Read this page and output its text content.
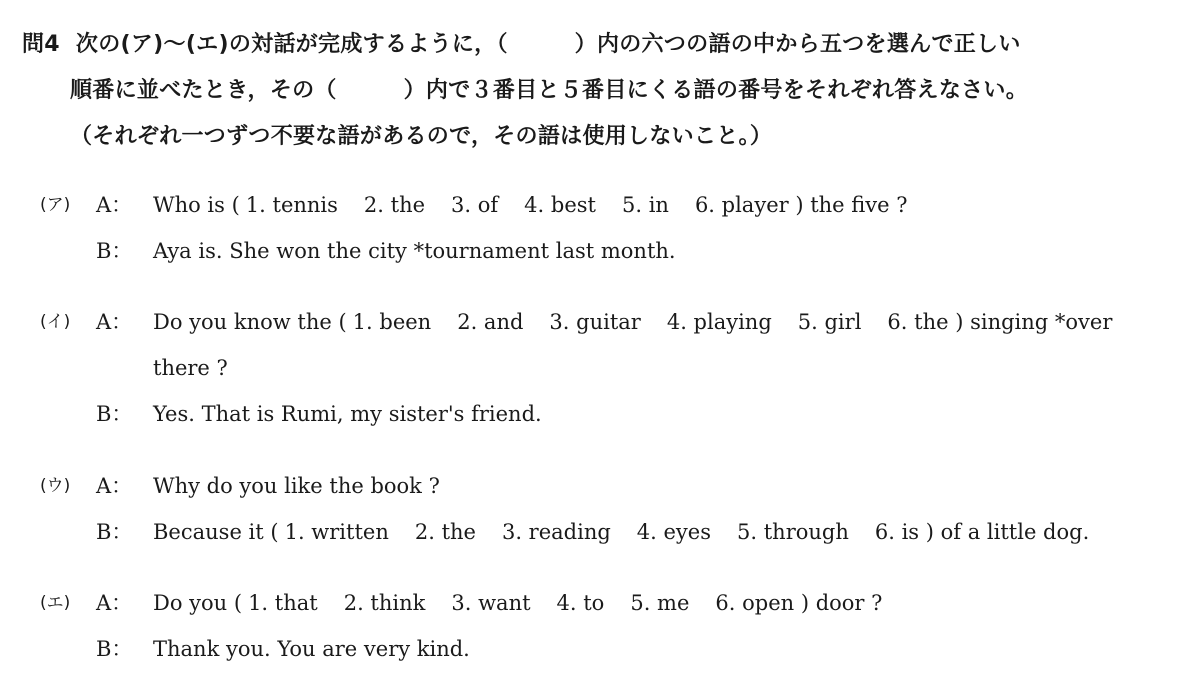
問4 次の(ア)〜(エ)の対話が完成するように，（　　　）内の六つの語の中から五つを選んで正しい
順番に並べたとき，その（　　　）内で３番目と５番目にくる語の番号をそれぞれ答えなさい。
（それぞれ一つずつ不要な語があるので，その語は使用しないこと。）
(ア) A： Who is ( 1. tennis 2. the 3. of 4. best 5. in 6. player ) the five ?
B： Aya is. She won the city *tournament last month.
(イ) A： Do you know the ( 1. been 2. and 3. guitar 4. playing 5. girl 6. the ) singing *over
there ?
B： Yes. That is Rumi, my sister's friend.
(ウ) A： Why do you like the book ?
B： Because it ( 1. written 2. the 3. reading 4. eyes 5. through 6. is ) of a little dog.
(エ) A： Do you ( 1. that 2. think 3. want 4. to 5. me 6. open ) door ?
B： Thank you. You are very kind.
